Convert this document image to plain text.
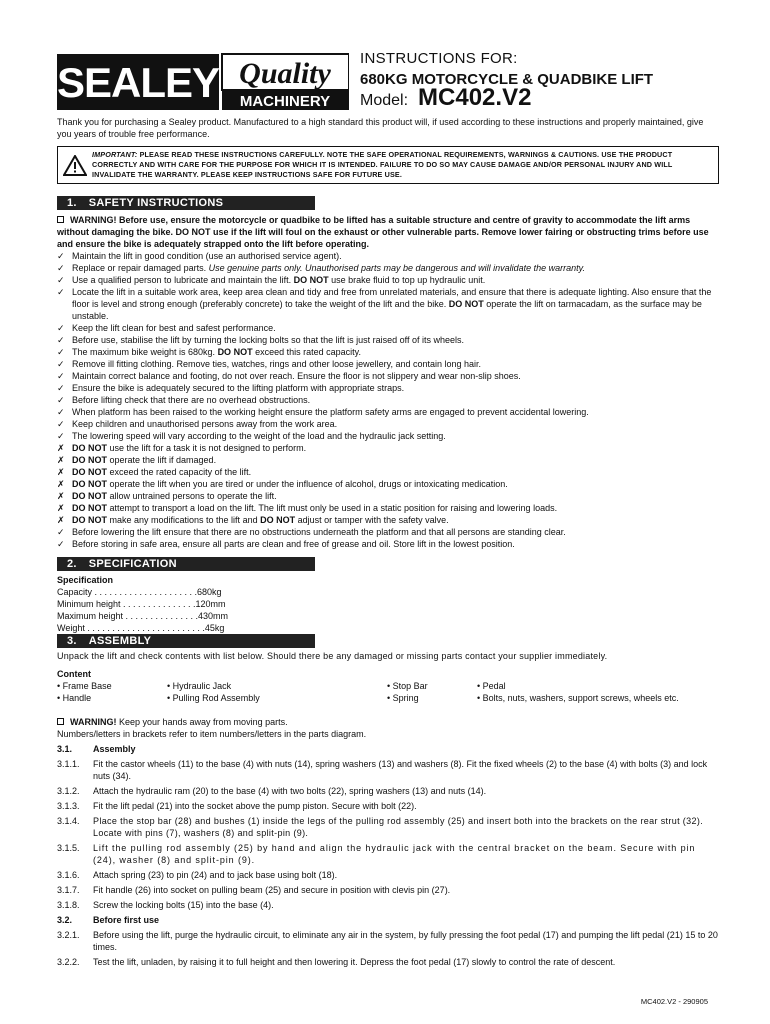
SEALEY Quality
MACHINERY
INSTRUCTIONS FOR:
680KG MOTORCYCLE & QUADBIKE LIFT
Model: MC402.V2
Thank you for purchasing a Sealey product. Manufactured to a high standard this product will, if used according to these instructions and properly maintained, give you years of trouble free performance.
IMPORTANT: PLEASE READ THESE INSTRUCTIONS CAREFULLY. NOTE THE SAFE OPERATIONAL REQUIREMENTS, WARNINGS & CAUTIONS. USE THE PRODUCT CORRECTLY AND WITH CARE FOR THE PURPOSE FOR WHICH IT IS INTENDED. FAILURE TO DO SO MAY CAUSE DAMAGE AND/OR PERSONAL INJURY AND WILL INVALIDATE THE WARRANTY. PLEASE KEEP INSTRUCTIONS SAFE FOR FUTURE USE.
1. SAFETY INSTRUCTIONS
WARNING! Before use, ensure the motorcycle or quadbike to be lifted has a suitable structure and centre of gravity to accommodate the lift arms without damaging the bike. DO NOT use if the lift will foul on the exhaust or other vulnerable parts. Remove lower fairing or obstructing trims before use and ensure the bike is adequately strapped onto the lift before operating.
✓ Maintain the lift in good condition (use an authorised service agent).
✓ Replace or repair damaged parts. Use genuine parts only. Unauthorised parts may be dangerous and will invalidate the warranty.
✓ Use a qualified person to lubricate and maintain the lift. DO NOT use brake fluid to top up hydraulic unit.
✓ Locate the lift in a suitable work area, keep area clean and tidy and free from unrelated materials, and ensure that there is adequate lighting. Also ensure that the floor is level and strong enough (preferably concrete) to take the weight of the lift and the bike. DO NOT operate the lift on tarmacadam, as the surface may be unstable.
✓ Keep the lift clean for best and safest performance.
✓ Before use, stabilise the lift by turning the locking bolts so that the lift is just raised off of its wheels.
✓ The maximum bike weight is 680kg. DO NOT exceed this rated capacity.
✓ Remove ill fitting clothing. Remove ties, watches, rings and other loose jewellery, and contain long hair.
✓ Maintain correct balance and footing, do not over reach. Ensure the floor is not slippery and wear non-slip shoes.
✓ Ensure the bike is adequately secured to the lifting platform with appropriate straps.
✓ Before lifting check that there are no overhead obstructions.
✓ When platform has been raised to the working height ensure the platform safety arms are engaged to prevent accidental lowering.
✓ Keep children and unauthorised persons away from the work area.
✓ The lowering speed will vary according to the weight of the load and the hydraulic jack setting.
✗ DO NOT use the lift for a task it is not designed to perform.
✗ DO NOT operate the lift if damaged.
✗ DO NOT exceed the rated capacity of the lift.
✗ DO NOT operate the lift when you are tired or under the influence of alcohol, drugs or intoxicating medication.
✗ DO NOT allow untrained persons to operate the lift.
✗ DO NOT attempt to transport a load on the lift. The lift must only be used in a static position for raising and lowering loads.
✗ DO NOT make any modifications to the lift and DO NOT adjust or tamper with the safety valve.
✓ Before lowering the lift ensure that there are no obstructions underneath the platform and that all persons are standing clear.
✓ Before storing in safe area, ensure all parts are clean and free of grease and oil. Store lift in the lowest position.
2. SPECIFICATION
Specification
Capacity . . . . . . . . . . . . . . . . . . . . .680kg
Minimum height . . . . . . . . . . . . . . .120mm
Maximum height . . . . . . . . . . . . . . .430mm
Weight . . . . . . . . . . . . . . . . . . . . . . . .45kg
3. ASSEMBLY
Unpack the lift and check contents with list below. Should there be any damaged or missing parts contact your supplier immediately.
Content
• Frame Base	• Hydraulic Jack	• Stop Bar	• Pedal
• Handle	• Pulling Rod Assembly	• Spring	• Bolts, nuts, washers, support screws, wheels etc.
WARNING! Keep your hands away from moving parts.
Numbers/letters in brackets refer to item numbers/letters in the parts diagram.
3.1.	Assembly
3.1.1.	Fit the castor wheels (11) to the base (4) with nuts (14), spring washers (13) and washers (8). Fit the fixed wheels (2) to the base (4) with bolts (3) and lock nuts (34).
3.1.2.	Attach the hydraulic ram (20) to the base (4) with two bolts (22), spring washers (13) and nuts (14).
3.1.3.	Fit the lift pedal (21) into the socket above the pump piston. Secure with bolt (22).
3.1.4.	Place the stop bar (28) and bushes (1) inside the legs of the pulling rod assembly (25) and insert both into the brackets on the rear strut (32). Locate with pins (7), washers (8) and split-pin (9).
3.1.5.	Lift the pulling rod assembly (25) by hand and align the hydraulic jack with the central bracket on the beam. Secure with pin (24), washer (8) and split-pin (9).
3.1.6.	Attach spring (23) to pin (24) and to jack base using bolt (18).
3.1.7.	Fit handle (26) into socket on pulling beam (25) and secure in position with clevis pin (27).
3.1.8.	Screw the locking bolts (15) into the base (4).
3.2.	Before first use
3.2.1.	Before using the lift, purge the hydraulic circuit, to eliminate any air in the system, by fully pressing the foot pedal (17) and pumping the lift pedal (21) 15 to 20 times.
3.2.2.	Test the lift, unladen, by raising it to full height and then lowering it. Depress the foot pedal (17) slowly to control the rate of descent.
MC402.V2 - 290905
